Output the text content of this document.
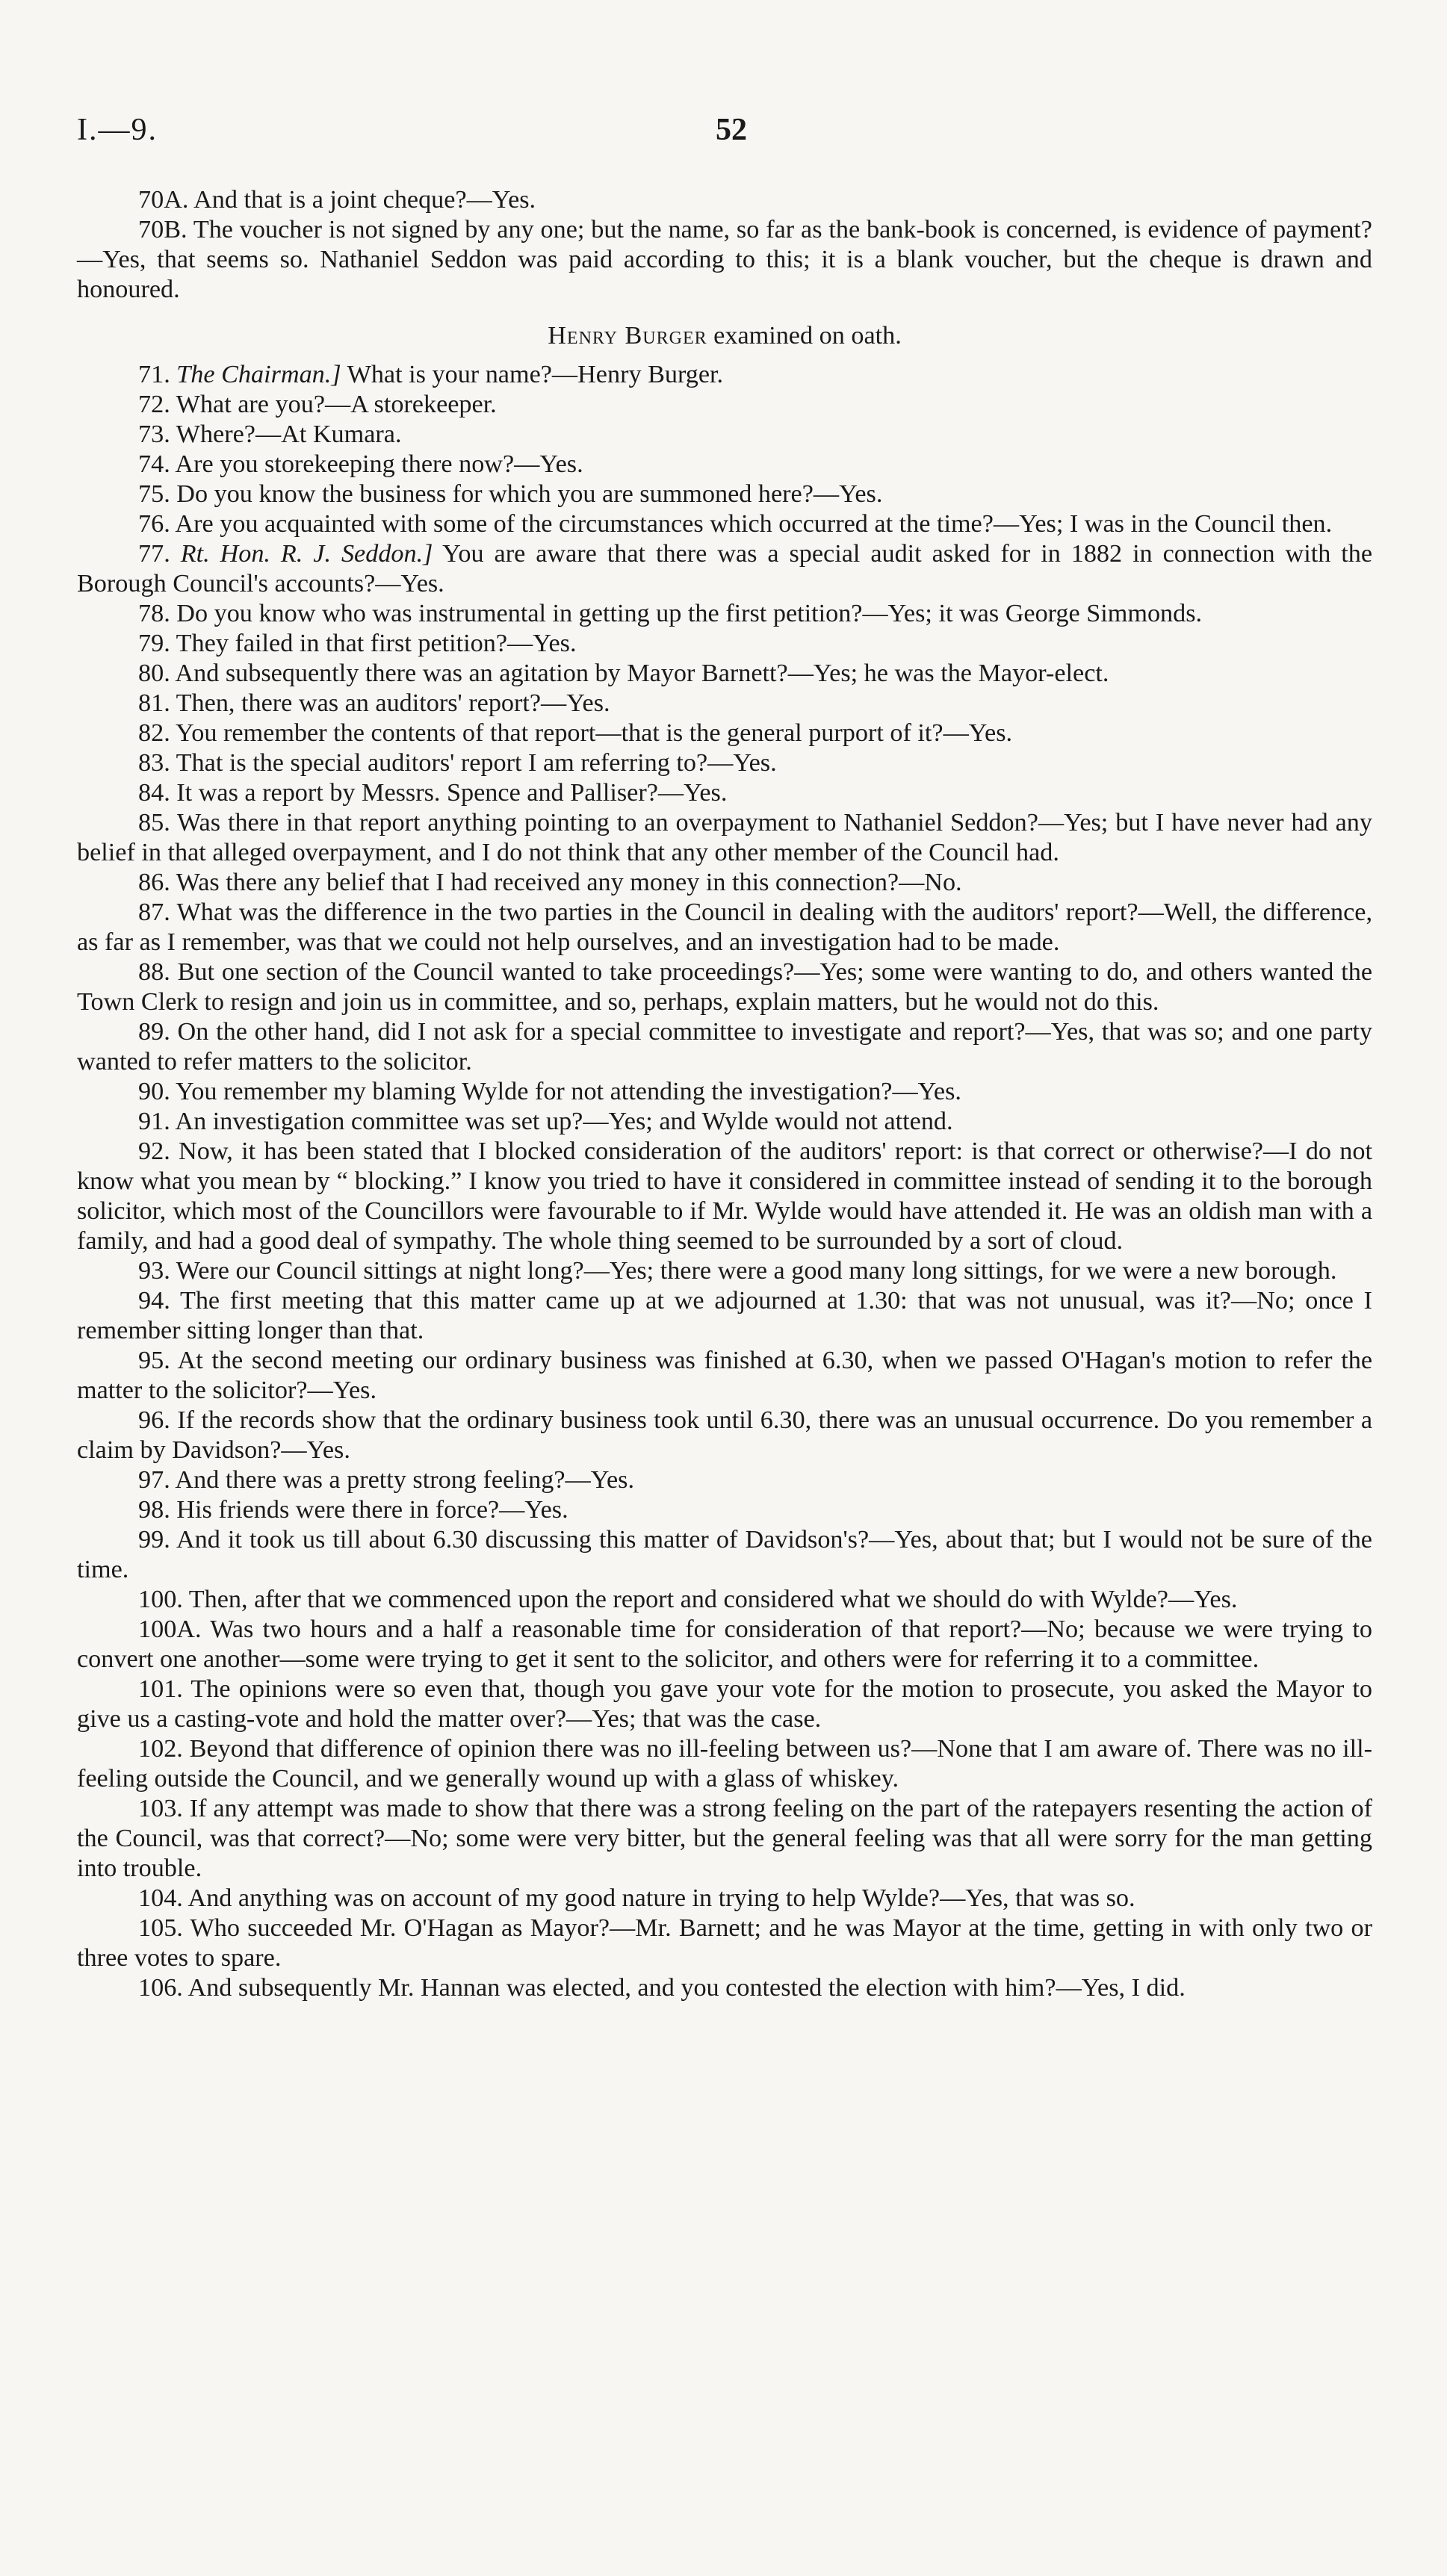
I.—9.	52

70A. And that is a joint cheque?—Yes.

70B. The voucher is not signed by any one; but the name, so far as the bank-book is concerned, is evidence of payment?—Yes, that seems so. Nathaniel Seddon was paid according to this; it is a blank voucher, but the cheque is drawn and honoured.

Henry Burger examined on oath.

71. The Chairman.] What is your name?—Henry Burger.

72. What are you?—A storekeeper.

73. Where?—At Kumara.

74. Are you storekeeping there now?—Yes.

75. Do you know the business for which you are summoned here?—Yes.

76. Are you acquainted with some of the circumstances which occurred at the time?—Yes; I was in the Council then.

77. Rt. Hon. R. J. Seddon.] You are aware that there was a special audit asked for in 1882 in connection with the Borough Council's accounts?—Yes.

78. Do you know who was instrumental in getting up the first petition?—Yes; it was George Simmonds.

79. They failed in that first petition?—Yes.

80. And subsequently there was an agitation by Mayor Barnett?—Yes; he was the Mayor-elect.

81. Then, there was an auditors' report?—Yes.

82. You remember the contents of that report—that is the general purport of it?—Yes.

83. That is the special auditors' report I am referring to?—Yes.

84. It was a report by Messrs. Spence and Palliser?—Yes.

85. Was there in that report anything pointing to an overpayment to Nathaniel Seddon?—Yes; but I have never had any belief in that alleged overpayment, and I do not think that any other member of the Council had.

86. Was there any belief that I had received any money in this connection?—No.

87. What was the difference in the two parties in the Council in dealing with the auditors' report?—Well, the difference, as far as I remember, was that we could not help ourselves, and an investigation had to be made.

88. But one section of the Council wanted to take proceedings?—Yes; some were wanting to do, and others wanted the Town Clerk to resign and join us in committee, and so, perhaps, explain matters, but he would not do this.

89. On the other hand, did I not ask for a special committee to investigate and report?—Yes, that was so; and one party wanted to refer matters to the solicitor.

90. You remember my blaming Wylde for not attending the investigation?—Yes.

91. An investigation committee was set up?—Yes; and Wylde would not attend.

92. Now, it has been stated that I blocked consideration of the auditors' report: is that correct or otherwise?—I do not know what you mean by “ blocking.” I know you tried to have it considered in committee instead of sending it to the borough solicitor, which most of the Councillors were favourable to if Mr. Wylde would have attended it. He was an oldish man with a family, and had a good deal of sympathy. The whole thing seemed to be surrounded by a sort of cloud.

93. Were our Council sittings at night long?—Yes; there were a good many long sittings, for we were a new borough.

94. The first meeting that this matter came up at we adjourned at 1.30: that was not unusual, was it?—No; once I remember sitting longer than that.

95. At the second meeting our ordinary business was finished at 6.30, when we passed O'Hagan's motion to refer the matter to the solicitor?—Yes.

96. If the records show that the ordinary business took until 6.30, there was an unusual occurrence. Do you remember a claim by Davidson?—Yes.

97. And there was a pretty strong feeling?—Yes.

98. His friends were there in force?—Yes.

99. And it took us till about 6.30 discussing this matter of Davidson's?—Yes, about that; but I would not be sure of the time.

100. Then, after that we commenced upon the report and considered what we should do with Wylde?—Yes.

100A. Was two hours and a half a reasonable time for consideration of that report?—No; because we were trying to convert one another—some were trying to get it sent to the solicitor, and others were for referring it to a committee.

101. The opinions were so even that, though you gave your vote for the motion to prosecute, you asked the Mayor to give us a casting-vote and hold the matter over?—Yes; that was the case.

102. Beyond that difference of opinion there was no ill-feeling between us?—None that I am aware of. There was no ill-feeling outside the Council, and we generally wound up with a glass of whiskey.

103. If any attempt was made to show that there was a strong feeling on the part of the ratepayers resenting the action of the Council, was that correct?—No; some were very bitter, but the general feeling was that all were sorry for the man getting into trouble.

104. And anything was on account of my good nature in trying to help Wylde?—Yes, that was so.

105. Who succeeded Mr. O'Hagan as Mayor?—Mr. Barnett; and he was Mayor at the time, getting in with only two or three votes to spare.

106. And subsequently Mr. Hannan was elected, and you contested the election with him?—Yes, I did.
